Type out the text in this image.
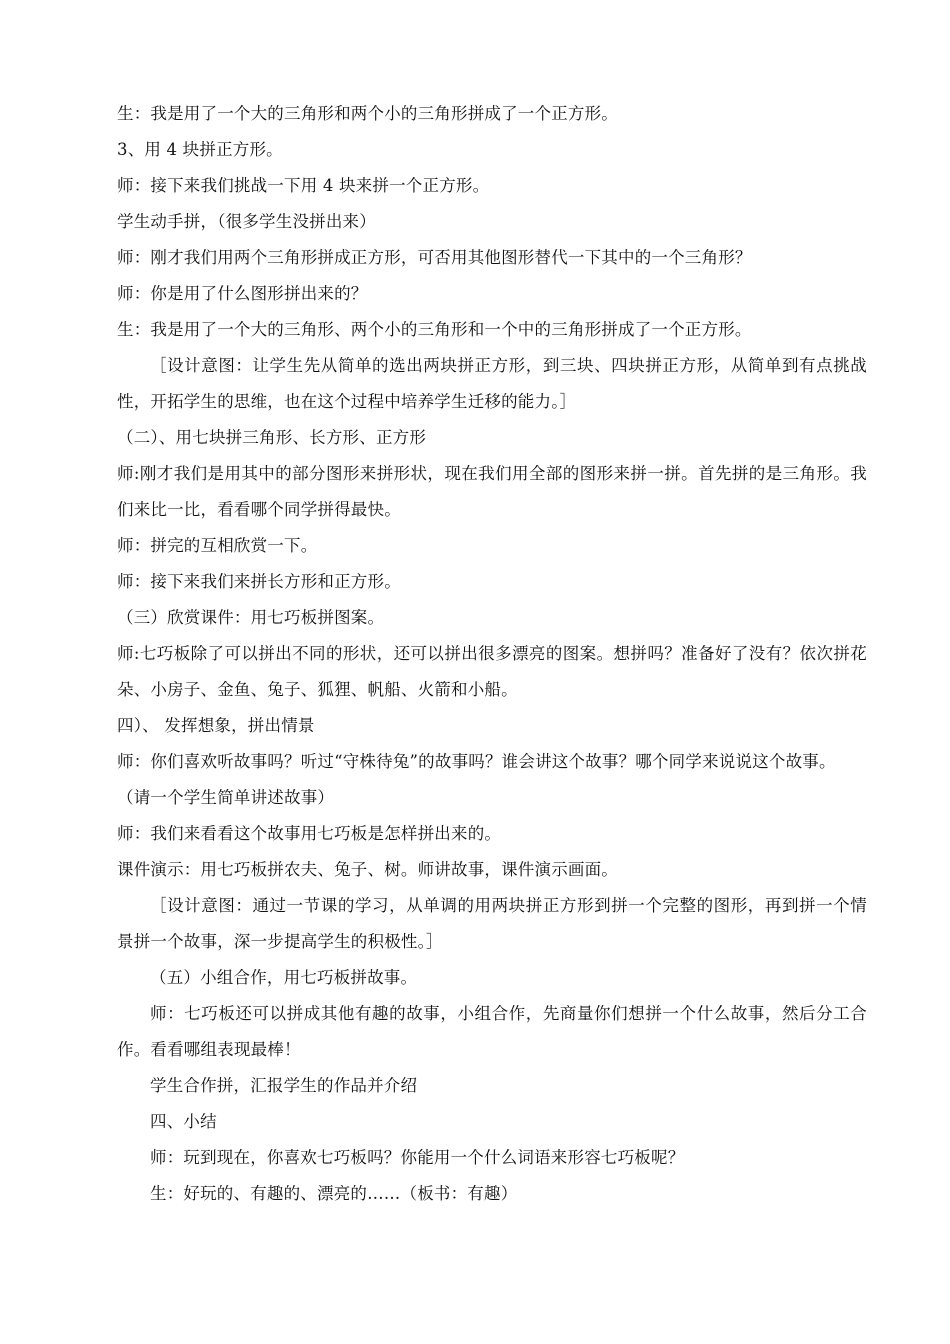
生：我是用了一个大的三角形和两个小的三角形拼成了一个正方形。

3、用 4 块拼正方形。

师：接下来我们挑战一下用 4 块来拼一个正方形。

学生动手拼，（很多学生没拼出来）

师：刚才我们用两个三角形拼成正方形，可否用其他图形替代一下其中的一个三角形？

师：你是用了什么图形拼出来的？

生：我是用了一个大的三角形、两个小的三角形和一个中的三角形拼成了一个正方形。

［设计意图：让学生先从简单的选出两块拼正方形，到三块、四块拼正方形，从简单到有点挑战性，开拓学生的思维，也在这个过程中培养学生迁移的能力。］

（二）、用七块拼三角形、长方形、正方形

师:刚才我们是用其中的部分图形来拼形状，现在我们用全部的图形来拼一拼。首先拼的是三角形。我们来比一比，看看哪个同学拼得最快。

师：拼完的互相欣赏一下。

师：接下来我们来拼长方形和正方形。

（三）欣赏课件：用七巧板拼图案。

师:七巧板除了可以拼出不同的形状，还可以拼出很多漂亮的图案。想拼吗？准备好了没有？依次拼花朵、小房子、金鱼、兔子、狐狸、帆船、火箭和小船。

四）、 发挥想象，拼出情景

师：你们喜欢听故事吗？听过“守株待兔”的故事吗？谁会讲这个故事？哪个同学来说说这个故事。

（请一个学生简单讲述故事）

师：我们来看看这个故事用七巧板是怎样拼出来的。

课件演示：用七巧板拼农夫、兔子、树。师讲故事，课件演示画面。

［设计意图：通过一节课的学习，从单调的用两块拼正方形到拼一个完整的图形，再到拼一个情景拼一个故事，深一步提高学生的积极性。］

（五）小组合作，用七巧板拼故事。

师：七巧板还可以拼成其他有趣的故事，小组合作，先商量你们想拼一个什么故事，然后分工合作。看看哪组表现最棒！

学生合作拼，汇报学生的作品并介绍

四、小结

师：玩到现在，你喜欢七巧板吗？你能用一个什么词语来形容七巧板呢？

生：好玩的、有趣的、漂亮的……（板书：有趣）
